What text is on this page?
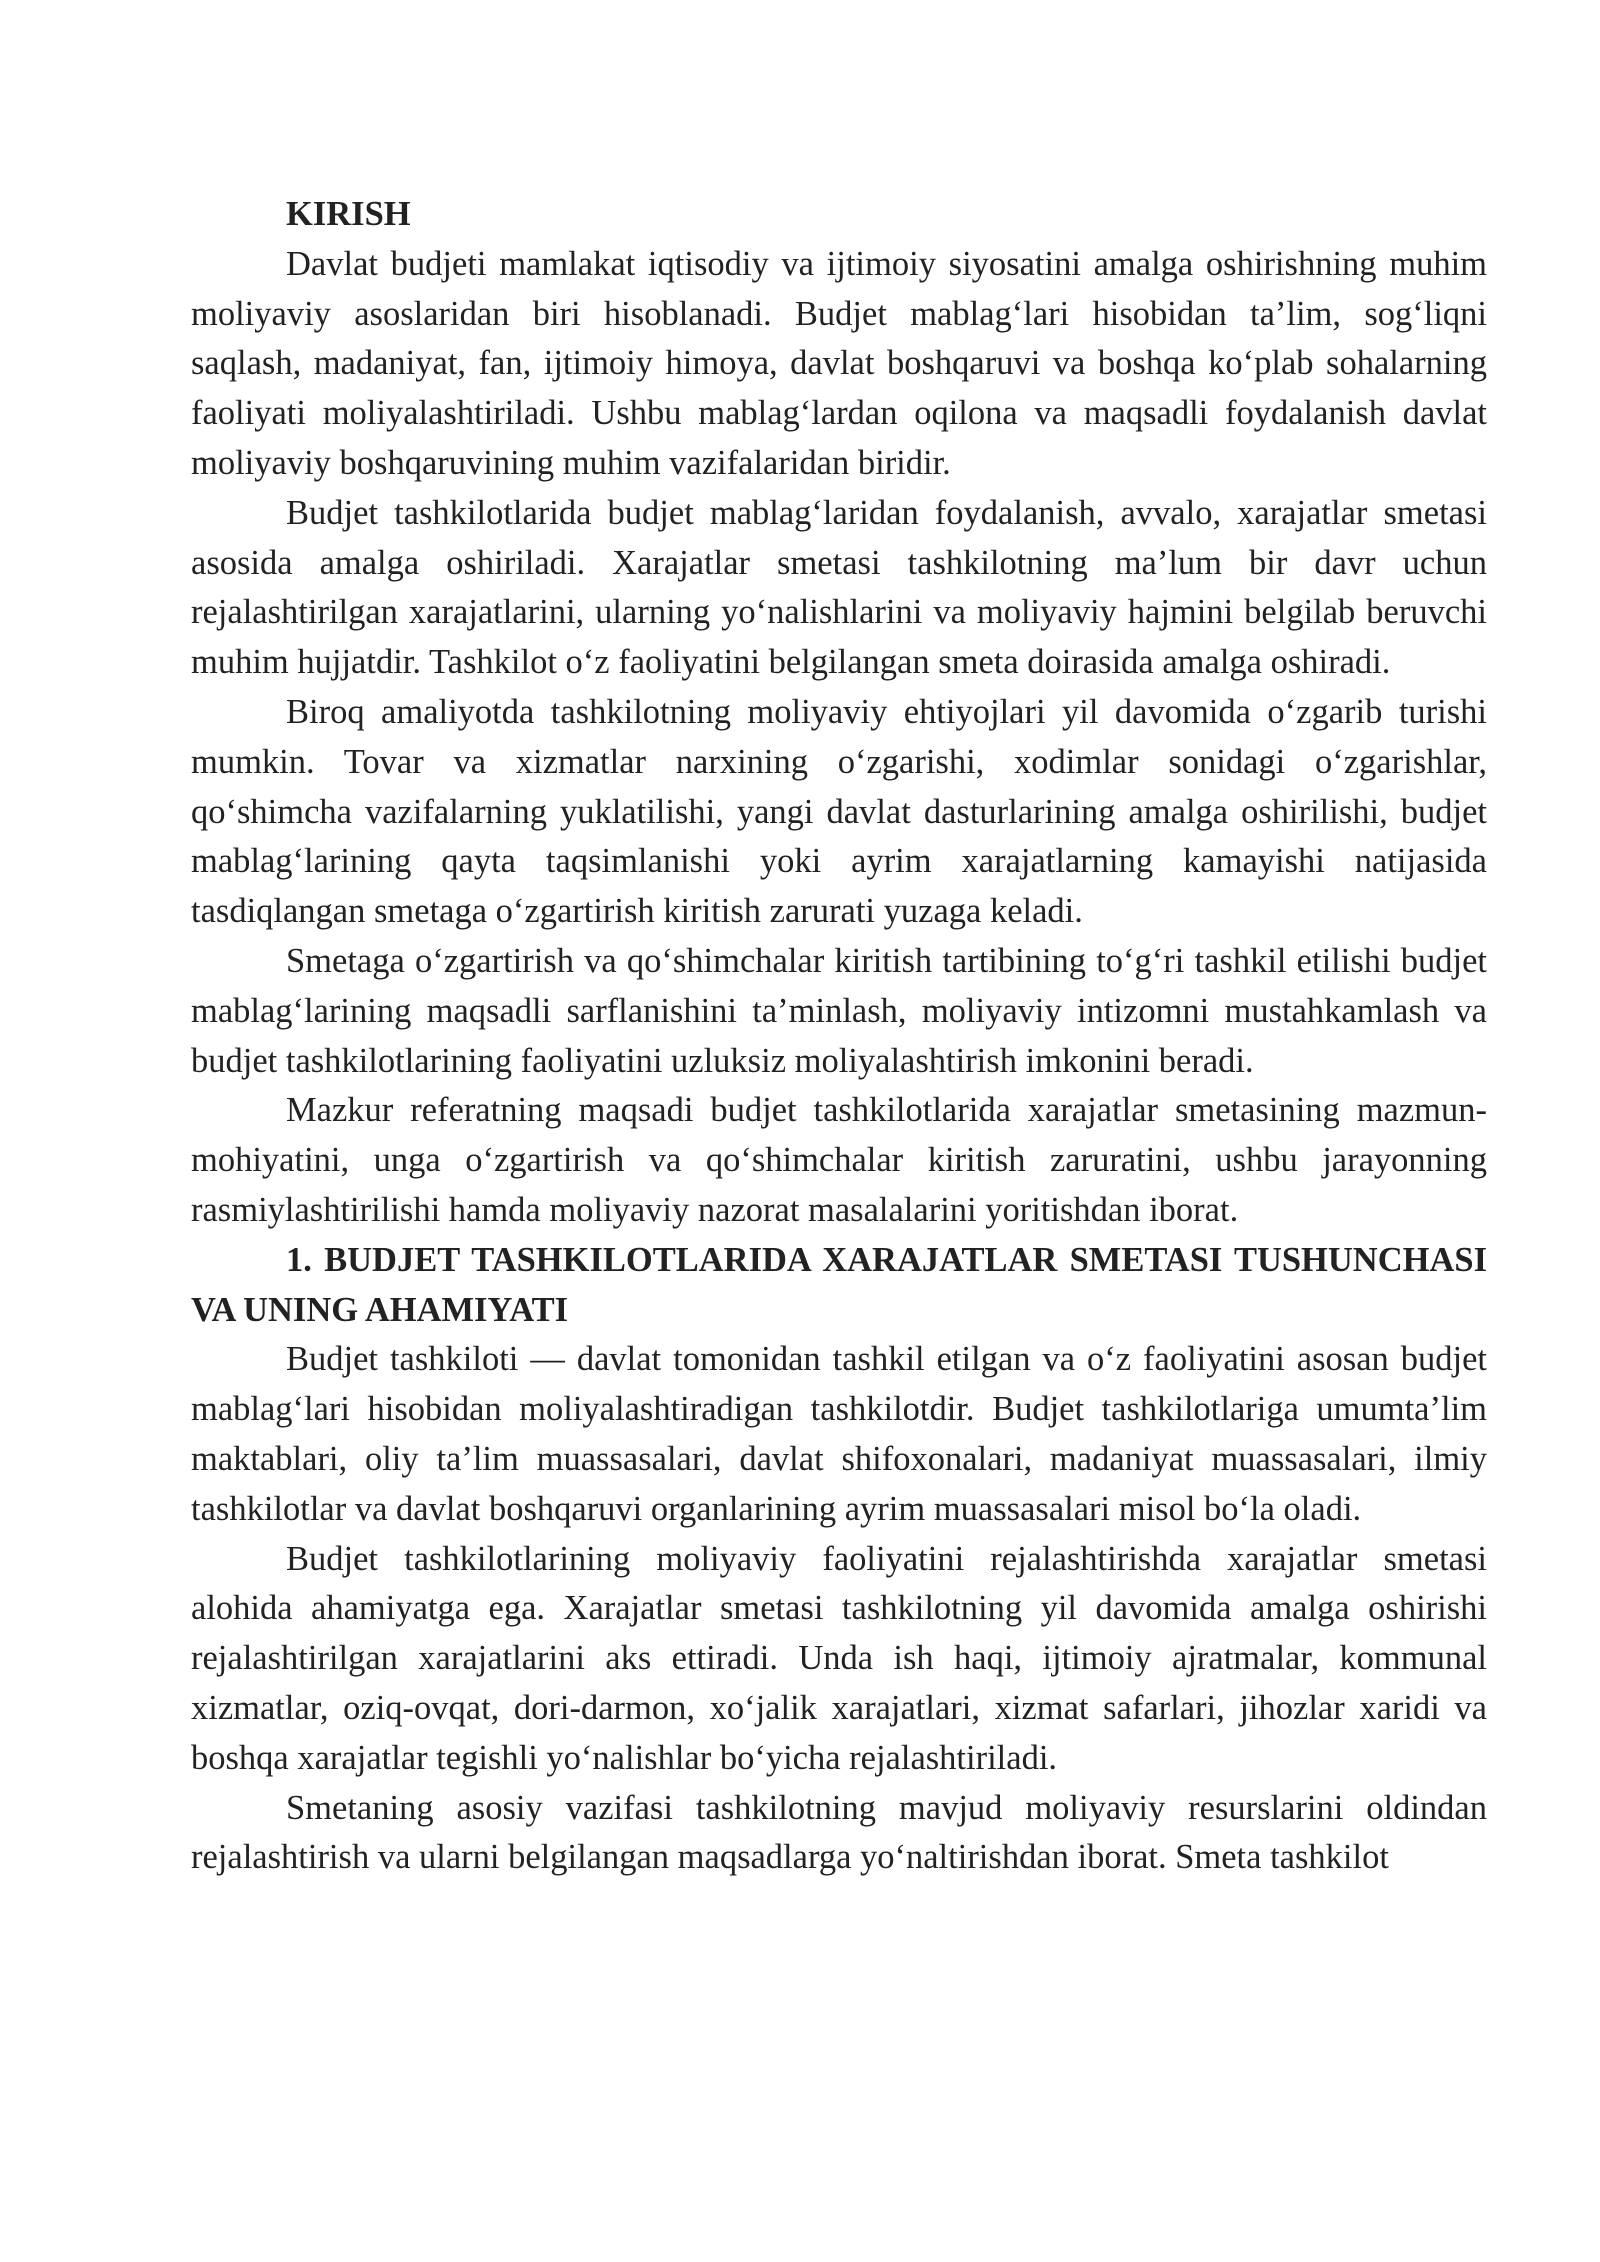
KIRISH

Davlat budjeti mamlakat iqtisodiy va ijtimoiy siyosatini amalga oshirishning muhim moliyaviy asoslaridan biri hisoblanadi. Budjet mablag‘lari hisobidan ta’lim, sog‘liqni saqlash, madaniyat, fan, ijtimoiy himoya, davlat boshqaruvi va boshqa ko‘plab sohalarning faoliyati moliyalashtiriladi. Ushbu mablag‘lardan oqilona va maqsadli foydalanish davlat moliyaviy boshqaruvining muhim vazifalaridan biridir.

Budjet tashkilotlarida budjet mablag‘laridan foydalanish, avvalo, xarajatlar smetasi asosida amalga oshiriladi. Xarajatlar smetasi tashkilotning ma’lum bir davr uchun rejalashtirilgan xarajatlarini, ularning yo‘nalishlarini va moliyaviy hajmini belgilab beruvchi muhim hujjatdir. Tashkilot o‘z faoliyatini belgilangan smeta doirasida amalga oshiradi.

Biroq amaliyotda tashkilotning moliyaviy ehtiyojlari yil davomida o‘zgarib turishi mumkin. Tovar va xizmatlar narxining o‘zgarishi, xodimlar sonidagi o‘zgarishlar, qo‘shimcha vazifalarning yuklatilishi, yangi davlat dasturlarining amalga oshirilishi, budjet mablag‘larining qayta taqsimlanishi yoki ayrim xarajatlarning kamayishi natijasida tasdiqlangan smetaga o‘zgartirish kiritish zarurati yuzaga keladi.

Smetaga o‘zgartirish va qo‘shimchalar kiritish tartibining to‘g‘ri tashkil etilishi budjet mablag‘larining maqsadli sarflanishini ta’minlash, moliyaviy intizomni mustahkamlash va budjet tashkilotlarining faoliyatini uzluksiz moliyalashtirish imkonini beradi.

Mazkur referatning maqsadi budjet tashkilotlarida xarajatlar smetasining mazmun-mohiyatini, unga o‘zgartirish va qo‘shimchalar kiritish zaruratini, ushbu jarayonning rasmiylashtirilishi hamda moliyaviy nazorat masalalarini yoritishdan iborat.

1. BUDJET TASHKILOTLARIDA XARAJATLAR SMETASI TUSHUNCHASI VA UNING AHAMIYATI

Budjet tashkiloti — davlat tomonidan tashkil etilgan va o‘z faoliyatini asosan budjet mablag‘lari hisobidan moliyalashtiradigan tashkilotdir. Budjet tashkilotlariga umumta’lim maktablari, oliy ta’lim muassasalari, davlat shifoxonalari, madaniyat muassasalari, ilmiy tashkilotlar va davlat boshqaruvi organlarining ayrim muassasalari misol bo‘la oladi.

Budjet tashkilotlarining moliyaviy faoliyatini rejalashtirishda xarajatlar smetasi alohida ahamiyatga ega. Xarajatlar smetasi tashkilotning yil davomida amalga oshirishi rejalashtirilgan xarajatlarini aks ettiradi. Unda ish haqi, ijtimoiy ajratmalar, kommunal xizmatlar, oziq-ovqat, dori-darmon, xo‘jalik xarajatlari, xizmat safarlari, jihozlar xaridi va boshqa xarajatlar tegishli yo‘nalishlar bo‘yicha rejalashtiriladi.

Smetaning asosiy vazifasi tashkilotning mavjud moliyaviy resurslarini oldindan rejalashtirish va ularni belgilangan maqsadlarga yo‘naltirishdan iborat. Smeta tashkilot
